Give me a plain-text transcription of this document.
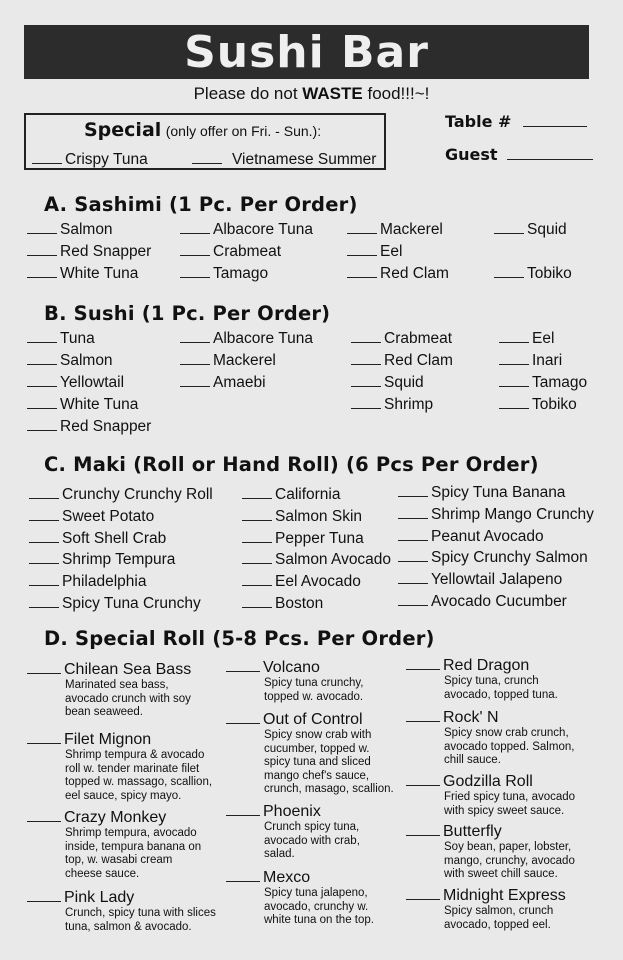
Sushi Bar
Please do not WASTE food!!!~!
Special (only offer on Fri. - Sun.):
Crispy Tuna	Vietnamese Summer
Table #
Guest
A. Sashimi (1 Pc. Per Order)
B. Sushi (1 Pc. Per Order)
C. Maki (Roll or Hand Roll) (6 Pcs Per Order)
D. Special Roll (5-8 Pcs. Per Order)
Salmon
Red Snapper
White Tuna
Albacore Tuna
Crabmeat
Tamago
Mackerel
Eel
Red Clam
Squid
Tobiko
Tuna
Salmon
Yellowtail
White Tuna
Red Snapper
Albacore Tuna
Mackerel
Amaebi
Crabmeat
Red Clam
Squid
Shrimp
Eel
Inari
Tamago
Tobiko
Crunchy Crunchy Roll
Sweet Potato
Soft Shell Crab
Shrimp Tempura
Philadelphia
Spicy Tuna Crunchy
California
Salmon Skin
Pepper Tuna
Salmon Avocado
Eel Avocado
Boston
Spicy Tuna Banana
Shrimp Mango Crunchy
Peanut Avocado
Spicy Crunchy Salmon
Yellowtail Jalapeno
Avocado Cucumber
Chilean Sea Bass
Marinated sea bass,
avocado crunch with soy
bean seaweed.
Filet Mignon
Shrimp tempura & avocado
roll w. tender marinate filet
topped w. massago, scallion,
eel sauce, spicy mayo.
Crazy Monkey
Shrimp tempura, avocado
inside, tempura banana on
top, w. wasabi cream
cheese sauce.
Pink Lady
Crunch, spicy tuna with slices
tuna, salmon & avocado.
Volcano
Spicy tuna crunchy,
topped w. avocado.
Out of Control
Spicy snow crab with
cucumber, topped w.
spicy tuna and sliced
mango chef's sauce,
crunch, masago, scallion.
Phoenix
Crunch spicy tuna,
avocado with crab,
salad.
Mexco
Spicy tuna jalapeno,
avocado, crunchy w.
white tuna on the top.
Red Dragon
Spicy tuna, crunch
avocado, topped tuna.
Rock' N
Spicy snow crab crunch,
avocado topped. Salmon,
chill sauce.
Godzilla Roll
Fried spicy tuna, avocado
with spicy sweet sauce.
Butterfly
Soy bean, paper, lobster,
mango, crunchy, avocado
with sweet chill sauce.
Midnight Express
Spicy salmon, crunch
avocado, topped eel.
